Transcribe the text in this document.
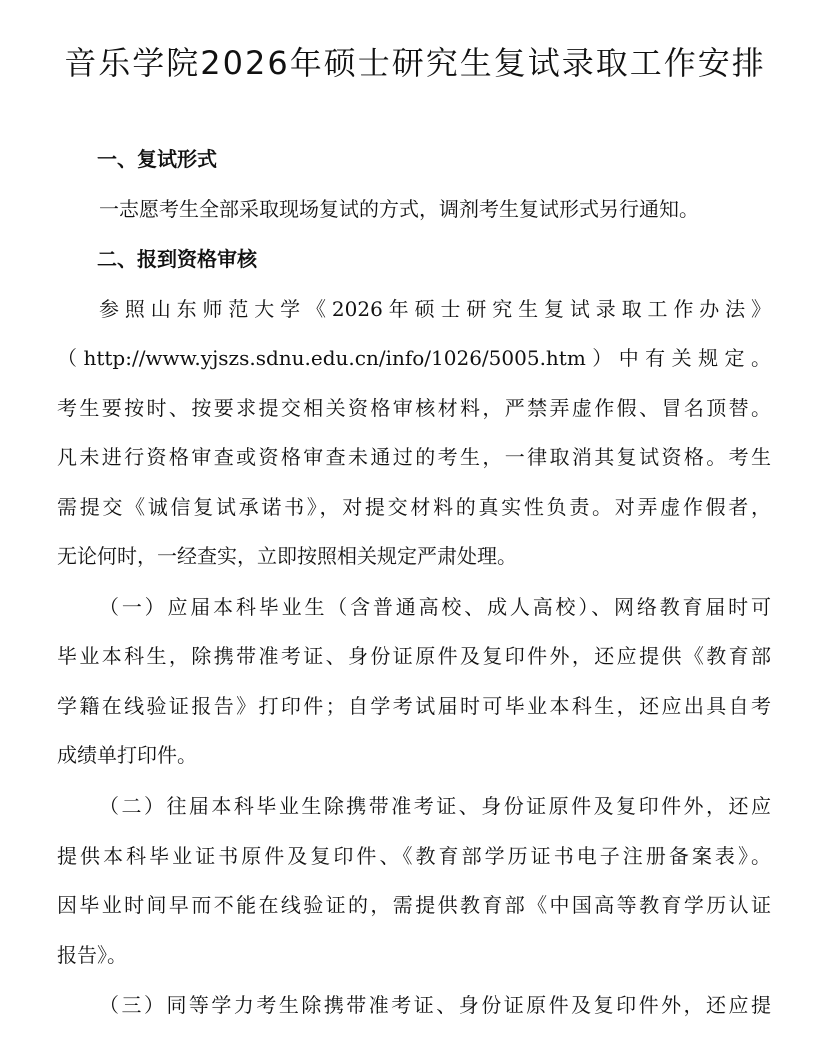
音乐学院2026年硕士研究生复试录取工作安排
一、复试形式
一志愿考生全部采取现场复试的方式，调剂考生复试形式另行通知。
二、报到资格审核
参照山东师范大学《2026年硕士研究生复试录取工作办法》
（http://www.yjszs.sdnu.edu.cn/info/1026/5005.htm）中有关规定。
考生要按时、按要求提交相关资格审核材料，严禁弄虚作假、冒名顶替。
凡未进行资格审查或资格审查未通过的考生，一律取消其复试资格。考生
需提交《诚信复试承诺书》，对提交材料的真实性负责。对弄虚作假者，
无论何时，一经查实，立即按照相关规定严肃处理。
（一）应届本科毕业生（含普通高校、成人高校）、网络教育届时可
毕业本科生，除携带准考证、身份证原件及复印件外，还应提供《教育部
学籍在线验证报告》打印件；自学考试届时可毕业本科生，还应出具自考
成绩单打印件。
（二）往届本科毕业生除携带准考证、身份证原件及复印件外，还应
提供本科毕业证书原件及复印件、《教育部学历证书电子注册备案表》。
因毕业时间早而不能在线验证的，需提供教育部《中国高等教育学历认证
报告》。
（三）同等学力考生除携带准考证、身份证原件及复印件外，还应提
